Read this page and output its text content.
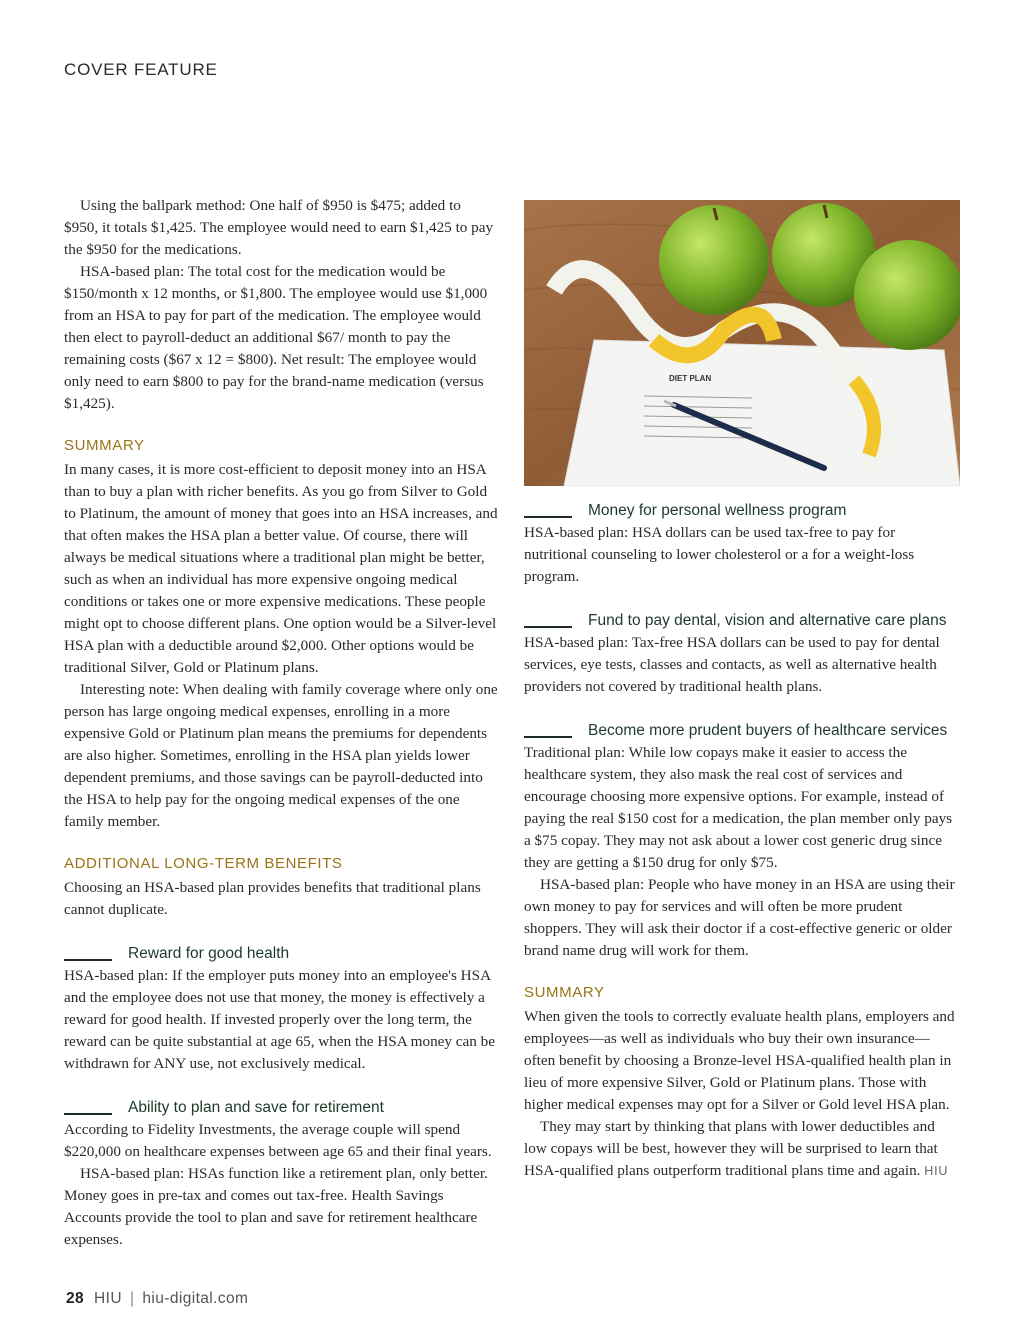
COVER FEATURE

Using the ballpark method: One half of $950 is $475; added to $950, it totals $1,425. The employee would need to earn $1,425 to pay the $950 for the medications.

HSA-based plan: The total cost for the medication would be $150/month x 12 months, or $1,800. The employee would use $1,000 from an HSA to pay for part of the medication. The employee would then elect to payroll-deduct an additional $67/ month to pay the remaining costs ($67 x 12 = $800). Net result: The employee would only need to earn $800 to pay for the brand-name medication (versus $1,425).

SUMMARY

In many cases, it is more cost-efficient to deposit money into an HSA than to buy a plan with richer benefits. As you go from Silver to Gold to Platinum, the amount of money that goes into an HSA increases, and that often makes the HSA plan a better value. Of course, there will always be medical situations where a traditional plan might be better, such as when an individual has more expensive ongoing medical conditions or takes one or more expensive medications. These people might opt to choose different plans. One option would be a Silver-level HSA plan with a deductible around $2,000. Other options would be traditional Silver, Gold or Platinum plans.

Interesting note: When dealing with family coverage where only one person has large ongoing medical expenses, enrolling in a more expensive Gold or Platinum plan means the premiums for dependents are also higher. Sometimes, enrolling in the HSA plan yields lower dependent premiums, and those savings can be payroll-deducted into the HSA to help pay for the ongoing medical expenses of the one family member.

ADDITIONAL LONG-TERM BENEFITS

Choosing an HSA-based plan provides benefits that traditional plans cannot duplicate.

Reward for good health

HSA-based plan: If the employer puts money into an employee's HSA and the employee does not use that money, the money is effectively a reward for good health. If invested properly over the long term, the reward can be quite substantial at age 65, when the HSA money can be withdrawn for ANY use, not exclusively medical.

Ability to plan and save for retirement

According to Fidelity Investments, the average couple will spend $220,000 on healthcare expenses between age 65 and their final years.

HSA-based plan: HSAs function like a retirement plan, only better. Money goes in pre-tax and comes out tax-free. Health Savings Accounts provide the tool to plan and save for retirement healthcare expenses.

DIET PLAN
Money for personal wellness program

HSA-based plan: HSA dollars can be used tax-free to pay for nutritional counseling to lower cholesterol or a for a weight-loss program.

Fund to pay dental, vision and alternative care plans

HSA-based plan: Tax-free HSA dollars can be used to pay for dental services, eye tests, classes and contacts, as well as alternative health providers not covered by traditional health plans.

Become more prudent buyers of healthcare services

Traditional plan: While low copays make it easier to access the healthcare system, they also mask the real cost of services and encourage choosing more expensive options. For example, instead of paying the real $150 cost for a medication, the plan member only pays a $75 copay. They may not ask about a lower cost generic drug since they are getting a $150 drug for only $75.

HSA-based plan: People who have money in an HSA are using their own money to pay for services and will often be more prudent shoppers. They will ask their doctor if a cost-effective generic or older brand name drug will work for them.

SUMMARY

When given the tools to correctly evaluate health plans, employers and employees—as well as individuals who buy their own insurance—often benefit by choosing a Bronze-level HSA-qualified health plan in lieu of more expensive Silver, Gold or Platinum plans. Those with higher medical expenses may opt for a Silver or Gold level HSA plan.

They may start by thinking that plans with lower deductibles and low copays will be best, however they will be surprised to learn that HSA-qualified plans outperform traditional plans time and again. HIU

28 HIU | hiu-digital.com
